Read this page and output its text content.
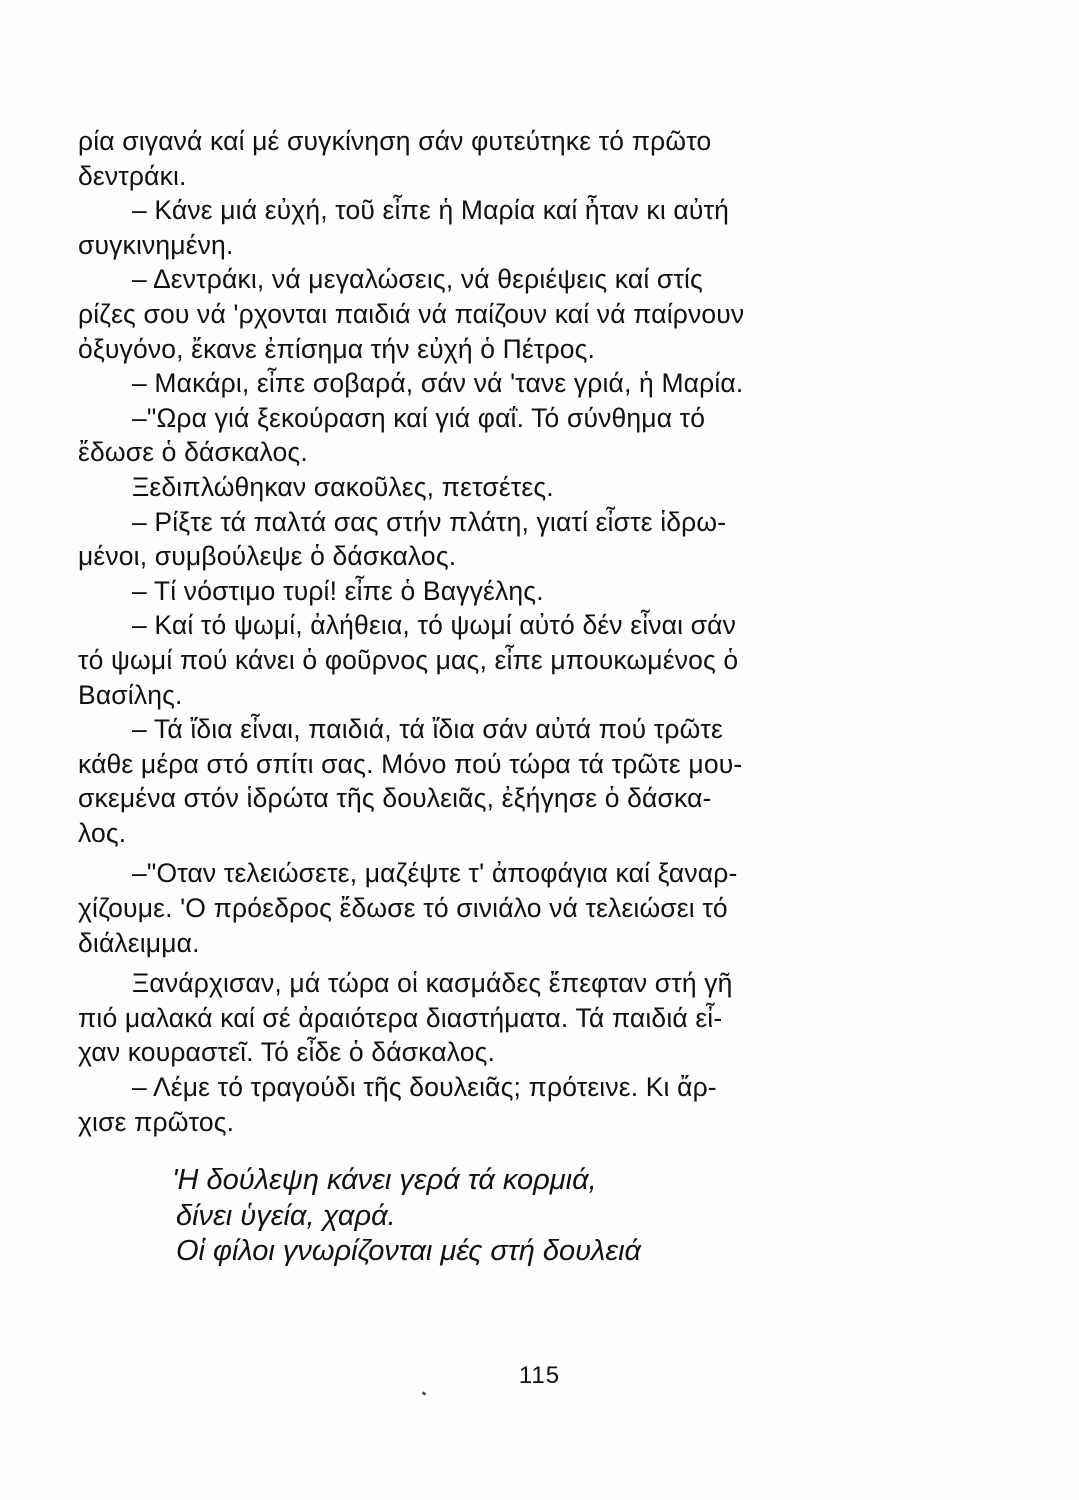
ρία σιγανά καί μέ συγκίνηση σάν φυτεύτηκε τό πρῶτο
δεντράκι.
– Κάνε μιά εὐχή, τοῦ εἶπε ἡ Μαρία καί ἦταν κι αὐτή
συγκινημένη.
– Δεντράκι, νά μεγαλώσεις, νά θεριέψεις καί στίς
ρίζες σου νά 'ρχονται παιδιά νά παίζουν καί νά παίρνουν
ὀξυγόνο, ἔκανε ἐπίσημα τήν εὐχή ὁ Πέτρος.
– Μακάρι, εἶπε σοβαρά, σάν νά 'τανε γριά, ἡ Μαρία.
–"Ωρα γιά ξεκούραση καί γιά φαΐ. Τό σύνθημα τό
ἔδωσε ὁ δάσκαλος.
Ξεδιπλώθηκαν σακοῦλες, πετσέτες.
– Ρίξτε τά παλτά σας στήν πλάτη, γιατί εἶστε ἱδρω-
μένοι, συμβούλεψε ὁ δάσκαλος.
– Τί νόστιμο τυρί! εἶπε ὁ Βαγγέλης.
– Καί τό ψωμί, ἀλήθεια, τό ψωμί αὐτό δέν εἶναι σάν
τό ψωμί πού κάνει ὁ φοῦρνος μας, εἶπε μπουκωμένος ὁ
Βασίλης.
– Τά ἴδια εἶναι, παιδιά, τά ἴδια σάν αὐτά πού τρῶτε
κάθε μέρα στό σπίτι σας. Μόνο πού τώρα τά τρῶτε μου-
σκεμένα στόν ἱδρώτα τῆς δουλειᾶς, ἐξήγησε ὁ δάσκα-
λος.
–"Οταν τελειώσετε, μαζέψτε τ' ἀποφάγια καί ξαναρ-
χίζουμε. 'Ο πρόεδρος ἔδωσε τό σινιάλο νά τελειώσει τό
διάλειμμα.
Ξανάρχισαν, μά τώρα οἱ κασμάδες ἔπεφταν στή γῆ
πιό μαλακά καί σέ ἀραιότερα διαστήματα. Τά παιδιά εἶ-
χαν κουραστεῖ. Τό εἶδε ὁ δάσκαλος.
– Λέμε τό τραγούδι τῆς δουλειᾶς; πρότεινε. Κι ἄρ-
χισε πρῶτος.
'Η δούλεψη κάνει γερά τά κορμιά,
δίνει ὑγεία, χαρά.
Οἱ φίλοι γνωρίζονται μές στή δουλειά
115
